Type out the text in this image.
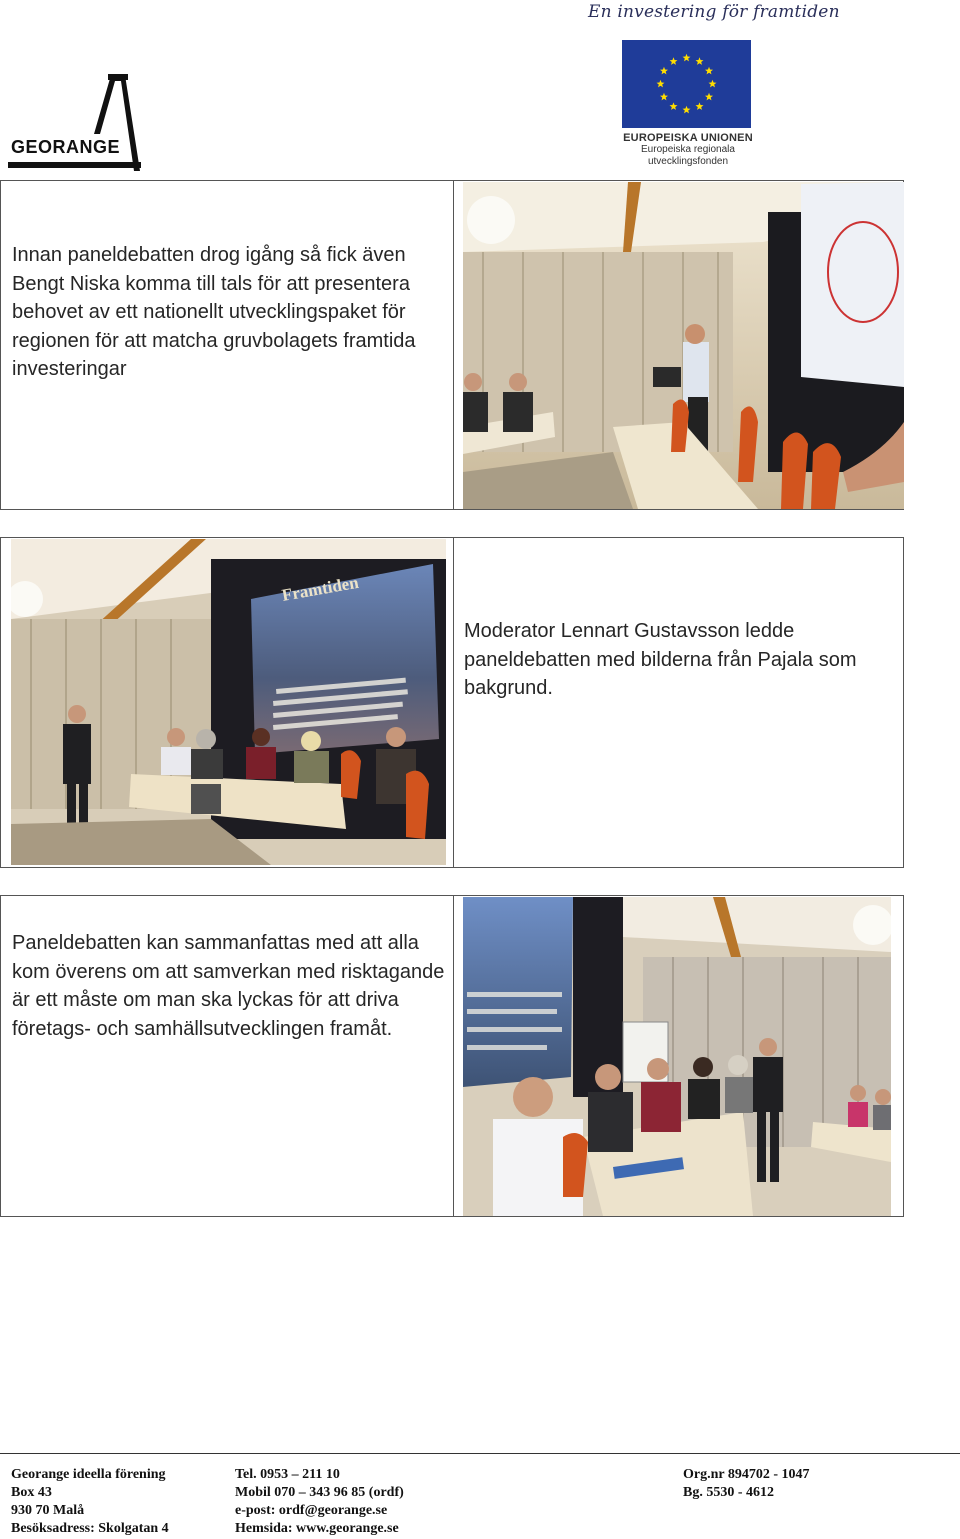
En investering för framtiden
GEORANGE	EUROPEISKA UNIONEN
Europeiska regionala
utvecklingsfonden
Innan paneldebatten drog igång så fick även Bengt Niska komma till tals för att presentera behovet av ett nationellt utvecklingspaket för regionen för att matcha gruvbolagets framtida investeringar
Framtiden
Moderator Lennart Gustavsson ledde paneldebatten med bilderna från Pajala som bakgrund.
Paneldebatten kan sammanfattas med att alla kom överens om att samverkan med risktagande är ett måste om man ska lyckas för att driva företags- och samhällsutvecklingen framåt.
Georange ideella förening
Box 43
930 70 Malå
Besöksadress: Skolgatan 4
Tel. 0953 – 211 10
Mobil 070 – 343 96 85 (ordf)
e-post: ordf@georange.se
Hemsida: www.georange.se
Org.nr 894702 - 1047
Bg. 5530 - 4612
